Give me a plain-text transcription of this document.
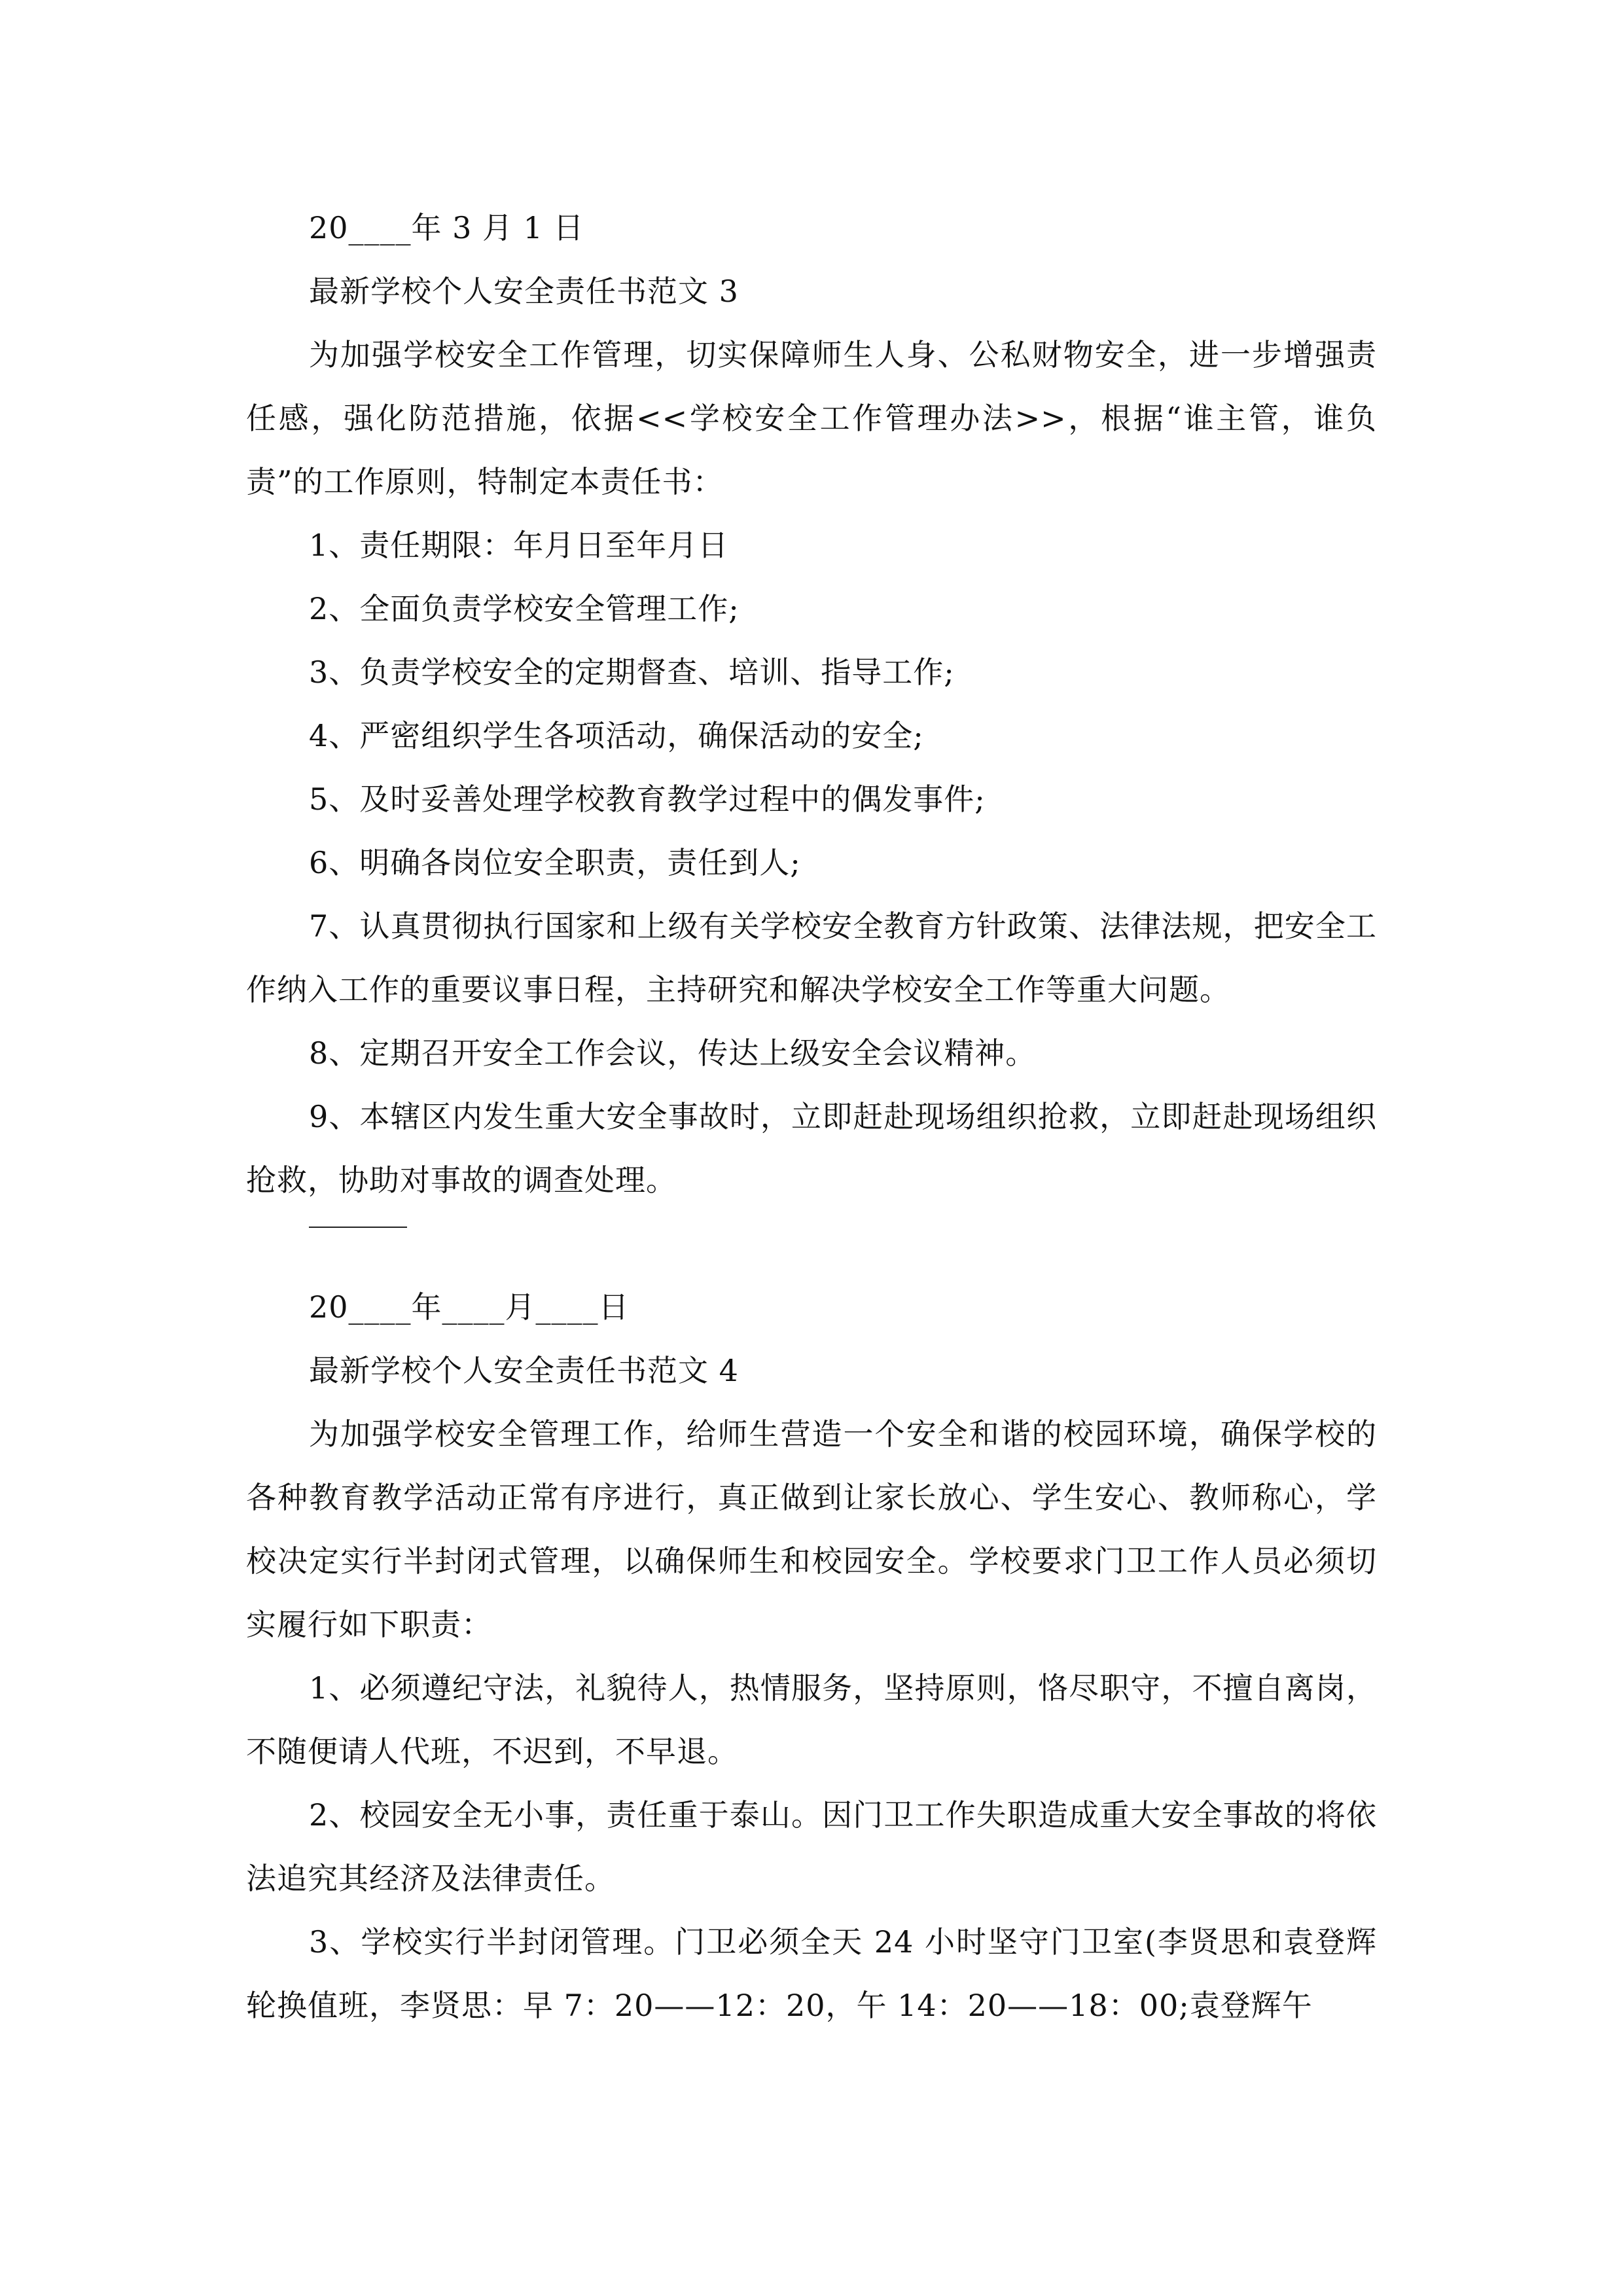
20____年 3 月 1 日

最新学校个人安全责任书范文 3

为加强学校安全工作管理，切实保障师生人身、公私财物安全，进一步增强责任感，强化防范措施，依据<<学校安全工作管理办法>>，根据“谁主管，谁负责”的工作原则，特制定本责任书：

1、责任期限：年月日至年月日

2、全面负责学校安全管理工作;

3、负责学校安全的定期督查、培训、指导工作;

4、严密组织学生各项活动，确保活动的安全;

5、及时妥善处理学校教育教学过程中的偶发事件;

6、明确各岗位安全职责，责任到人;

7、认真贯彻执行国家和上级有关学校安全教育方针政策、法律法规，把安全工作纳入工作的重要议事日程，主持研究和解决学校安全工作等重大问题。

8、定期召开安全工作会议，传达上级安全会议精神。

9、本辖区内发生重大安全事故时，立即赶赴现场组织抢救，立即赶赴现场组织抢救，协助对事故的调查处理。

20____年____月____日

最新学校个人安全责任书范文 4

为加强学校安全管理工作，给师生营造一个安全和谐的校园环境，确保学校的各种教育教学活动正常有序进行，真正做到让家长放心、学生安心、教师称心，学校决定实行半封闭式管理，以确保师生和校园安全。学校要求门卫工作人员必须切实履行如下职责：

1、必须遵纪守法，礼貌待人，热情服务，坚持原则，恪尽职守，不擅自离岗，不随便请人代班，不迟到，不早退。

2、校园安全无小事，责任重于泰山。因门卫工作失职造成重大安全事故的将依法追究其经济及法律责任。

3、学校实行半封闭管理。门卫必须全天 24 小时坚守门卫室(李贤思和袁登辉轮换值班，李贤思：早 7：20——12：20，午 14：20——18：00;袁登辉午
